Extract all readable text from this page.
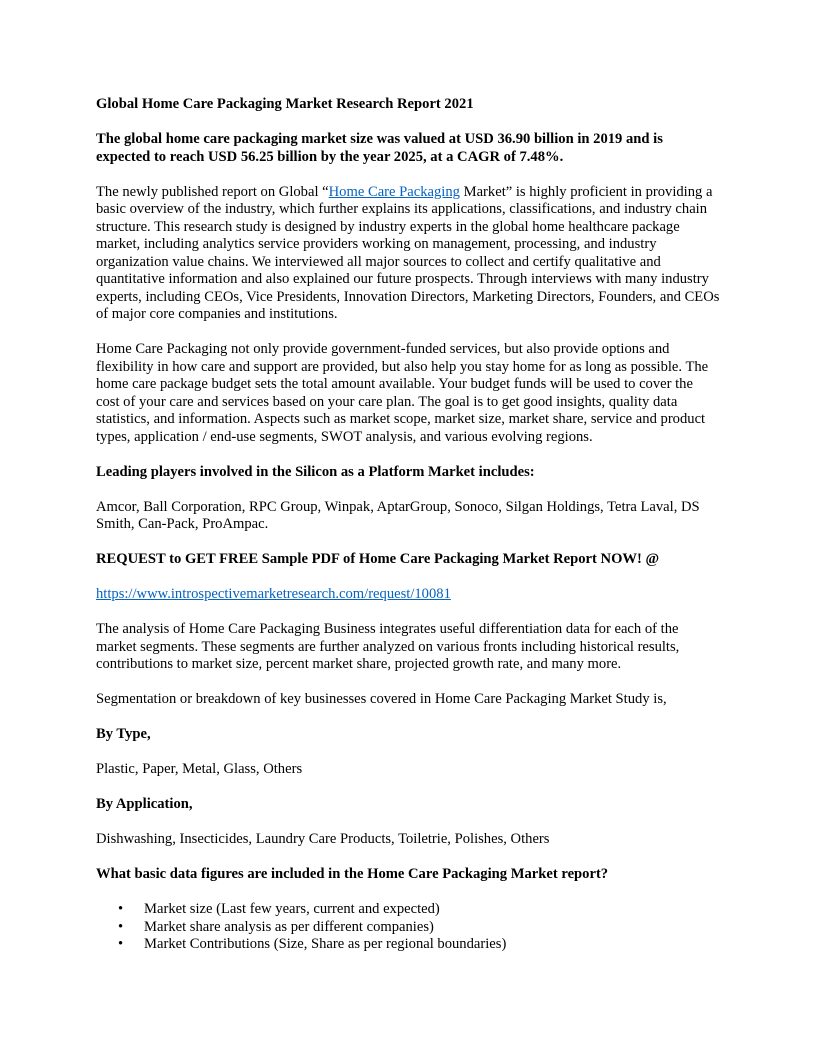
Global Home Care Packaging Market Research Report 2021

The global home care packaging market size was valued at USD 36.90 billion in 2019 and is expected to reach USD 56.25 billion by the year 2025, at a CAGR of 7.48%.

The newly published report on Global “Home Care Packaging Market” is highly proficient in providing a basic overview of the industry, which further explains its applications, classifications, and industry chain structure. This research study is designed by industry experts in the global home healthcare package market, including analytics service providers working on management, processing, and industry organization value chains. We interviewed all major sources to collect and certify qualitative and quantitative information and also explained our future prospects. Through interviews with many industry experts, including CEOs, Vice Presidents, Innovation Directors, Marketing Directors, Founders, and CEOs of major core companies and institutions.

Home Care Packaging not only provide government-funded services, but also provide options and flexibility in how care and support are provided, but also help you stay home for as long as possible. The home care package budget sets the total amount available. Your budget funds will be used to cover the cost of your care and services based on your care plan. The goal is to get good insights, quality data statistics, and information. Aspects such as market scope, market size, market share, service and product types, application / end-use segments, SWOT analysis, and various evolving regions.

Leading players involved in the Silicon as a Platform Market includes:

Amcor, Ball Corporation, RPC Group, Winpak, AptarGroup, Sonoco, Silgan Holdings, Tetra Laval, DS Smith, Can-Pack, ProAmpac.

REQUEST to GET FREE Sample PDF of Home Care Packaging Market Report NOW! @

https://www.introspectivemarketresearch.com/request/10081

The analysis of Home Care Packaging Business integrates useful differentiation data for each of the market segments. These segments are further analyzed on various fronts including historical results, contributions to market size, percent market share, projected growth rate, and many more.

Segmentation or breakdown of key businesses covered in Home Care Packaging Market Study is,

By Type,

Plastic, Paper, Metal, Glass, Others

By Application,

Dishwashing, Insecticides, Laundry Care Products, Toiletrie, Polishes, Others

What basic data figures are included in the Home Care Packaging Market report?

• Market size (Last few years, current and expected)
• Market share analysis as per different companies)
• Market Contributions (Size, Share as per regional boundaries)
